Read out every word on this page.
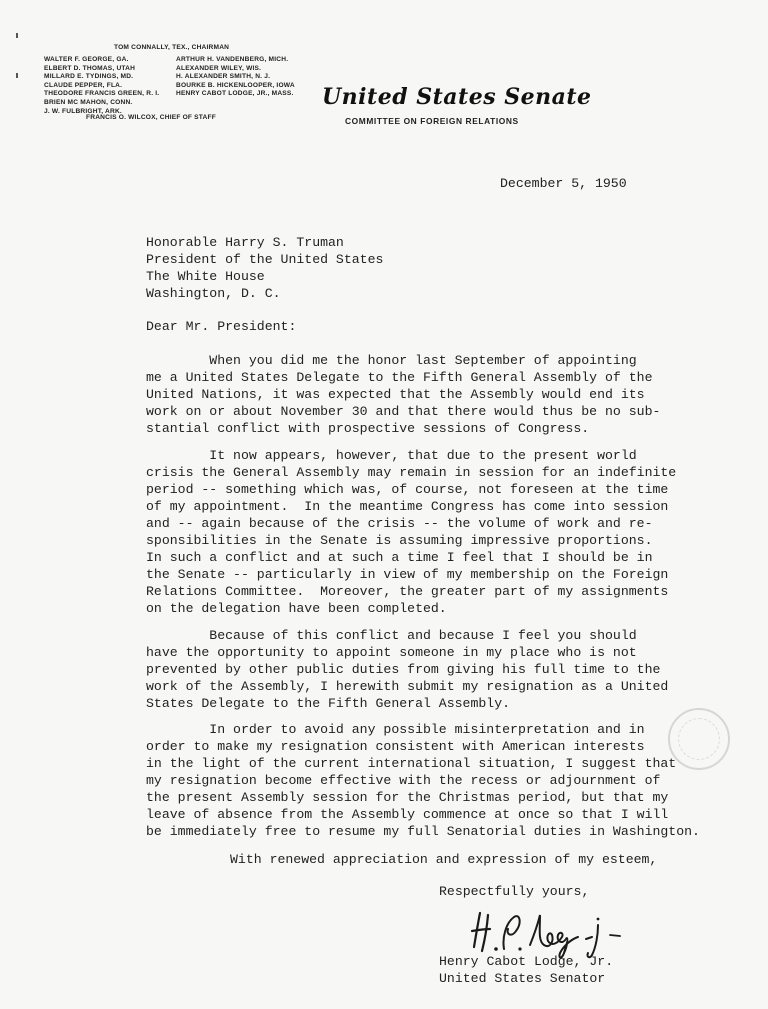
TOM CONNALLY, TEX., CHAIRMAN
WALTER F. GEORGE, GA.
ELBERT D. THOMAS, UTAH
MILLARD E. TYDINGS, MD.
CLAUDE PEPPER, FLA.
THEODORE FRANCIS GREEN, R. I.
BRIEN MC MAHON, CONN.
J. W. FULBRIGHT, ARK.
ARTHUR H. VANDENBERG, MICH.
ALEXANDER WILEY, WIS.
H. ALEXANDER SMITH, N. J.
BOURKE B. HICKENLOOPER, IOWA
HENRY CABOT LODGE, JR., MASS.
FRANCIS O. WILCOX, CHIEF OF STAFF
United States Senate
COMMITTEE ON FOREIGN RELATIONS
December 5, 1950
Honorable Harry S. Truman
President of the United States
The White House
Washington, D. C.
Dear Mr. President:
When you did me the honor last September of appointing
me a United States Delegate to the Fifth General Assembly of the
United Nations, it was expected that the Assembly would end its
work on or about November 30 and that there would thus be no sub-
stantial conflict with prospective sessions of Congress.
It now appears, however, that due to the present world
crisis the General Assembly may remain in session for an indefinite
period -- something which was, of course, not foreseen at the time
of my appointment.  In the meantime Congress has come into session
and -- again because of the crisis -- the volume of work and re-
sponsibilities in the Senate is assuming impressive proportions.
In such a conflict and at such a time I feel that I should be in
the Senate -- particularly in view of my membership on the Foreign
Relations Committee.  Moreover, the greater part of my assignments
on the delegation have been completed.
Because of this conflict and because I feel you should
have the opportunity to appoint someone in my place who is not
prevented by other public duties from giving his full time to the
work of the Assembly, I herewith submit my resignation as a United
States Delegate to the Fifth General Assembly.
In order to avoid any possible misinterpretation and in
order to make my resignation consistent with American interests
in the light of the current international situation, I suggest that
my resignation become effective with the recess or adjournment of
the present Assembly session for the Christmas period, but that my
leave of absence from the Assembly commence at once so that I will
be immediately free to resume my full Senatorial duties in Washington.
With renewed appreciation and expression of my esteem,
Respectfully yours,
Henry Cabot Lodge, Jr.
United States Senator
